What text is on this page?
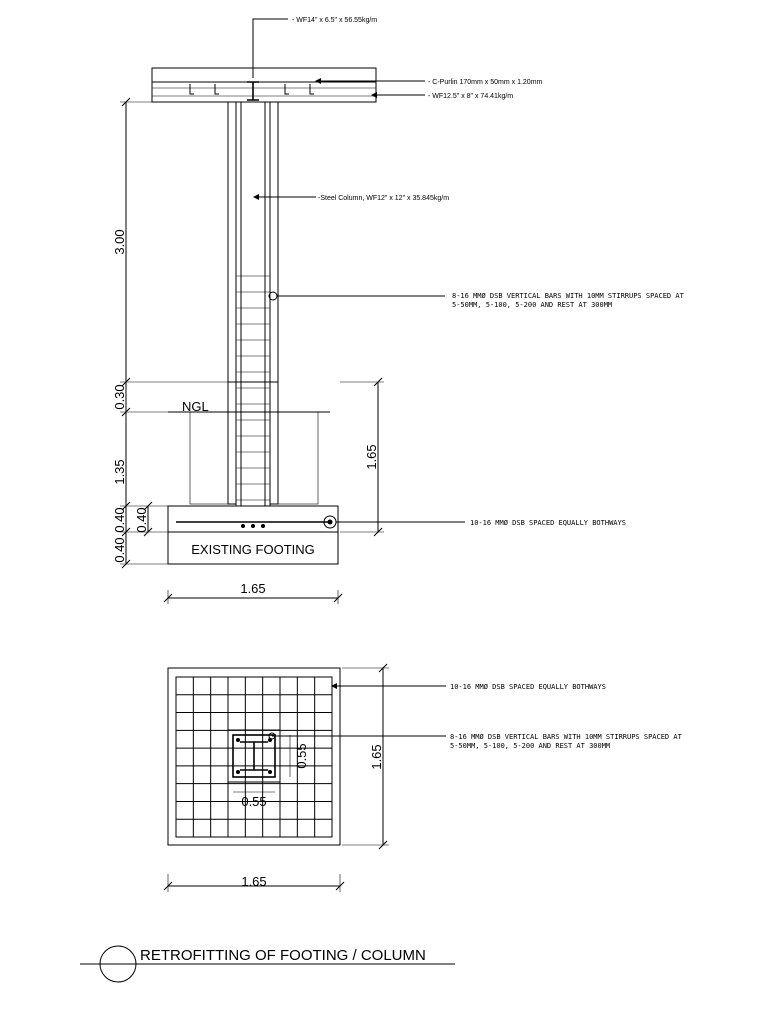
EXISTING FOOTING
NGL
- WF14" x 6.5" x 56.55kg/m
- C-Purlin 170mm x 50mm x 1.20mm
- WF12.5" x 8" x 74.41kg/m
-Steel Column, WF12" x 12" x 35.845kg/m
8-16 MMØ DSB VERTICAL BARS WITH 10MM STIRRUPS SPACED AT
5-50MM, 5-100, 5-200 AND REST AT 300MM
10-16 MMØ DSB SPACED EQUALLY BOTHWAYS
3.00
0.30
1.35
0.40 0.40
0.40
1.65
1.65
0.55
0.55
10-16 MMØ DSB SPACED EQUALLY BOTHWAYS
8-16 MMØ DSB VERTICAL BARS WITH 10MM STIRRUPS SPACED AT
5-50MM, 5-100, 5-200 AND REST AT 300MM
1.65
1.65
RETROFITTING OF FOOTING / COLUMN
